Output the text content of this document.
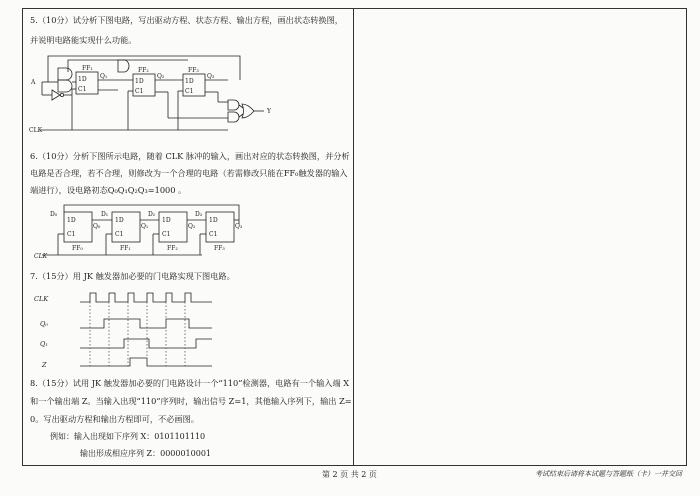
5.（10分）试分析下图电路，写出驱动方程、状态方程、输出方程，画出状态转换图，
并说明电路能实现什么功能。
A
CLK
Y
1D
C1
1D
C1
1D
C1
FF₁	FF₂	FF₃
Q₁	Q₂	Q₃
6.（10分）分析下图所示电路，随着 CLK 脉冲的输入，画出对应的状态转换图，并分析
电路是否合理，若不合理，则修改为一个合理的电路（若需修改只能在FF₀触发器的输入
端进行），设电路初态Q₀Q₁Q₂Q₃=1000 。
D₀	D₁	D₂	D₃
1D
C1
1D
C1
1D
C1
1D
C1
Q₀	Q₁	Q₂	Q₃
FF₀	FF₁	FF₂	FF₃
CLK
7.（15分）用 JK 触发器加必要的门电路实现下图电路。
CLK
Q₀
Q₁
Z
8.（15分）试用 JK 触发器加必要的门电路设计一个“110”检测器，电路有一个输入端 X
和一个输出端 Z。当输入出现“110”序列时，输出信号 Z=1，其他输入序列下，输出 Z=
0。写出驱动方程和输出方程即可，不必画图。
例如：输入出现如下序列 X：0101101110
输出形成相应序列 Z：0000010001
第 2 页 共 2 页	考试结束后请将本试题与答题纸（卡）一并交回
